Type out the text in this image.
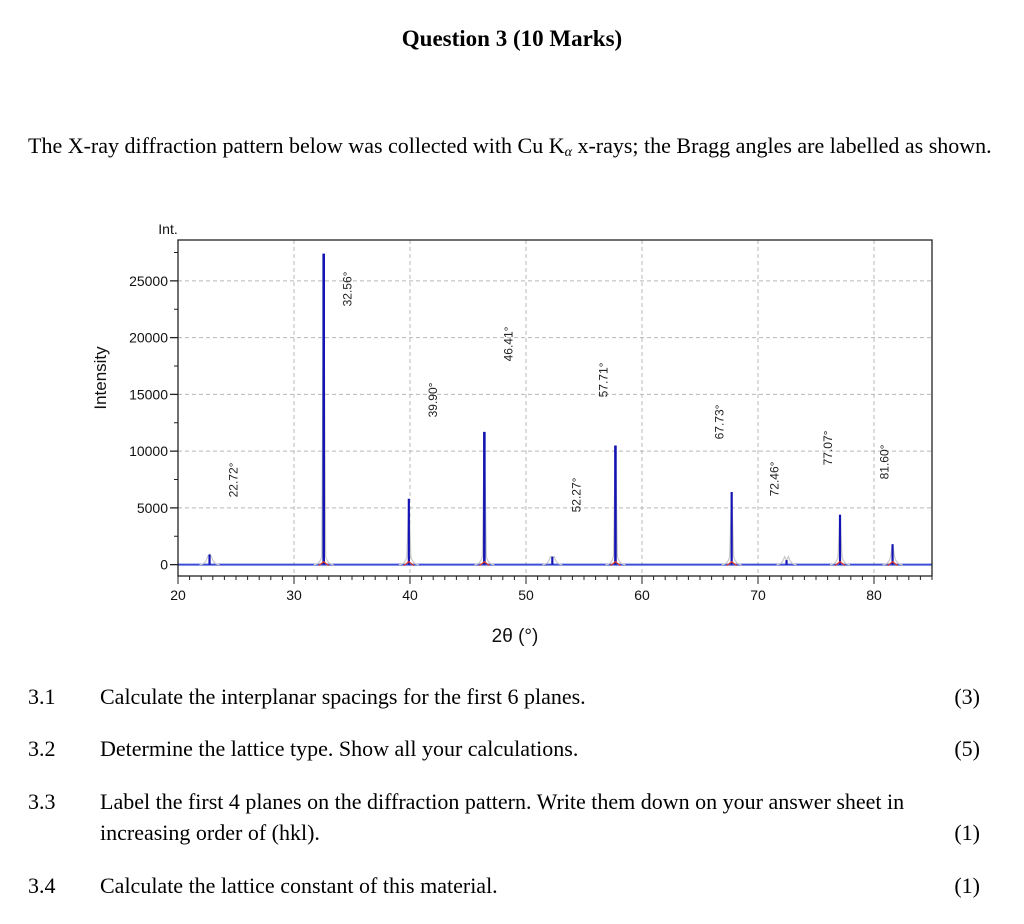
Question 3 (10 Marks)
The X-ray diffraction pattern below was collected with Cu $K_\alpha$ x-rays; the Bragg angles are labelled as shown.
20	30	40	50	60	70	80
0
5000
10000
15000
20000
25000
2θ (°)
Intensity
Int.
22.72°
32.56°
39.90°
46.41°
52.27°
57.71°
67.73°
72.46°
77.07°	81.60°
3.1 Calculate the interplanar spacings for the first 6 planes.	(3)
3.2 Determine the lattice type. Show all your calculations.	(5)
3.3 Label the first 4 planes on the diffraction pattern. Write them down on your answer sheet in increasing order of (hkl).	(1)
3.4 Calculate the lattice constant of this material.	(1)
